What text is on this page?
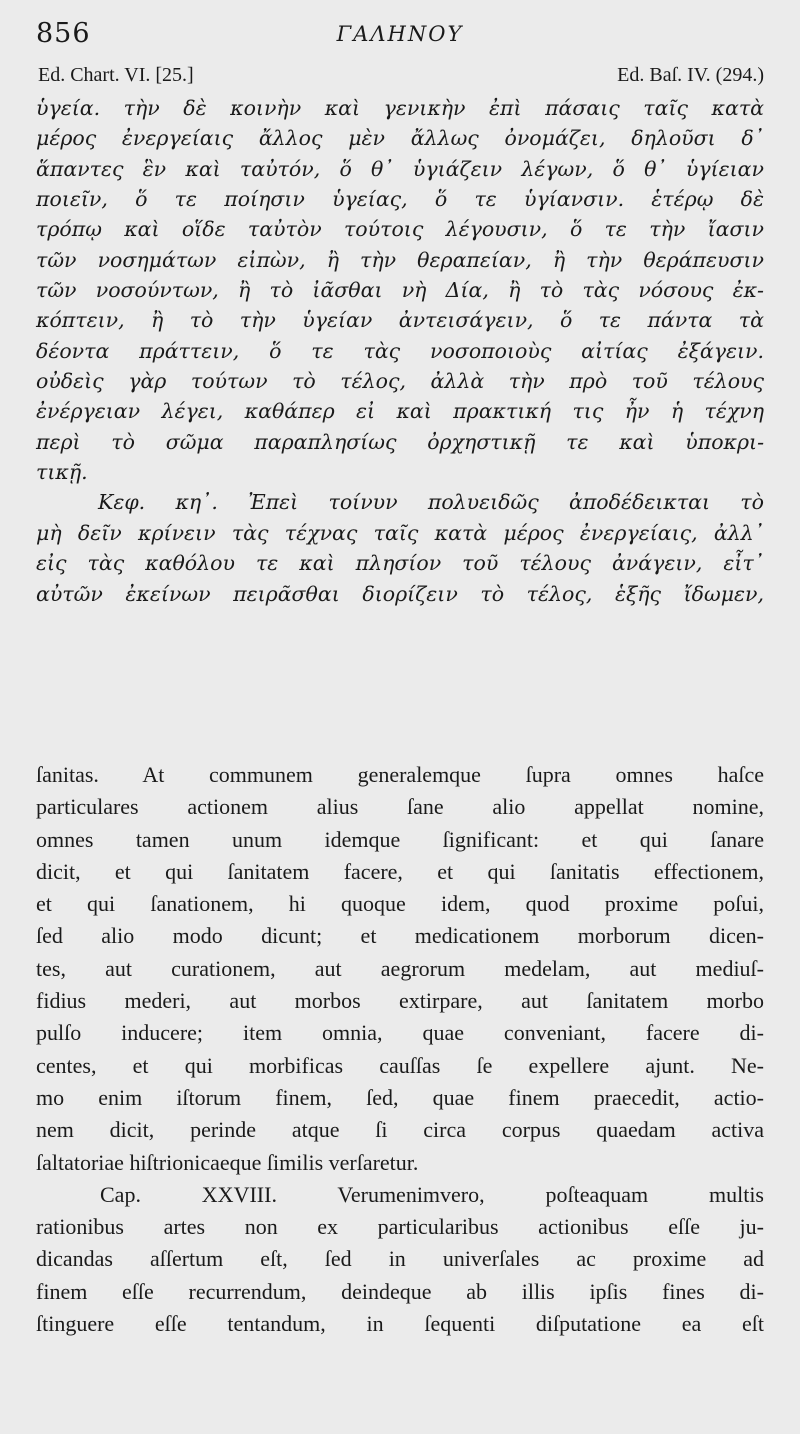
856	ΓΑΛΗΝΟΥ
Ed. Chart. VI. [25.]	Ed. Baſ. IV. (294.)
ὑγεία. τὴν δὲ κοινὴν καὶ γενικὴν ἐπὶ πάσαις ταῖς κατὰ
μέρος ἐνεργείαις ἄλλος μὲν ἄλλως ὀνομάζει, δηλοῦσι δ᾽
ἅπαντες ἓν καὶ ταὐτόν, ὅ θ᾽ ὑγιάζειν λέγων, ὅ θ᾽ ὑγίειαν
ποιεῖν, ὅ τε ποίησιν ὑγείας, ὅ τε ὑγίανσιν. ἑτέρῳ δὲ
τρόπῳ καὶ οἵδε ταὐτὸν τούτοις λέγουσιν, ὅ τε τὴν ἴασιν
τῶν νοσημάτων εἰπὼν, ἢ τὴν θεραπείαν, ἢ τὴν θεράπευσιν
τῶν νοσούντων, ἢ τὸ ἰᾶσθαι νὴ Δία, ἢ τὸ τὰς νόσους ἐκ-
κόπτειν, ἢ τὸ τὴν ὑγείαν ἀντεισάγειν, ὅ τε πάντα τὰ
δέοντα πράττειν, ὅ τε τὰς νοσοποιοὺς αἰτίας ἐξάγειν.
οὐδεὶς γὰρ τούτων τὸ τέλος, ἀλλὰ τὴν πρὸ τοῦ τέλους
ἐνέργειαν λέγει, καθάπερ εἰ καὶ πρακτική τις ἦν ἡ τέχνη
περὶ τὸ σῶμα παραπλησίως ὀρχηστικῇ τε καὶ ὑποκρι-
τικῇ.
Κεφ. κη᾽. Ἐπεὶ τοίνυν πολυειδῶς ἀποδέδεικται τὸ
μὴ δεῖν κρίνειν τὰς τέχνας ταῖς κατὰ μέρος ἐνεργείαις, ἀλλ᾽
εἰς τὰς καθόλου τε καὶ πλησίον τοῦ τέλους ἀνάγειν, εἶτ᾽
αὐτῶν ἐκείνων πειρᾶσθαι διορίζειν τὸ τέλος, ἑξῆς ἴδωμεν,
ſanitas. At communem generalemque ſupra omnes haſce
particulares actionem alius ſane alio appellat nomine,
omnes tamen unum idemque ſignificant: et qui ſanare
dicit, et qui ſanitatem facere, et qui ſanitatis effectionem,
et qui ſanationem, hi quoque idem, quod proxime poſui,
ſed alio modo dicunt; et medicationem morborum dicen-
tes, aut curationem, aut aegrorum medelam, aut mediuſ-
fidius mederi, aut morbos extirpare, aut ſanitatem morbo
pulſo inducere; item omnia, quae conveniant, facere di-
centes, et qui morbificas cauſſas ſe expellere ajunt. Ne-
mo enim iſtorum finem, ſed, quae finem praecedit, actio-
nem dicit, perinde atque ſi circa corpus quaedam activa
ſaltatoriae hiſtrionicaeque ſimilis verſaretur.
Cap. XXVIII. Verumenimvero, poſteaquam multis
rationibus artes non ex particularibus actionibus eſſe ju-
dicandas aſſertum eſt, ſed in univerſales ac proxime ad
finem eſſe recurrendum, deindeque ab illis ipſis fines di-
ſtinguere eſſe tentandum, in ſequenti diſputatione ea eſt
